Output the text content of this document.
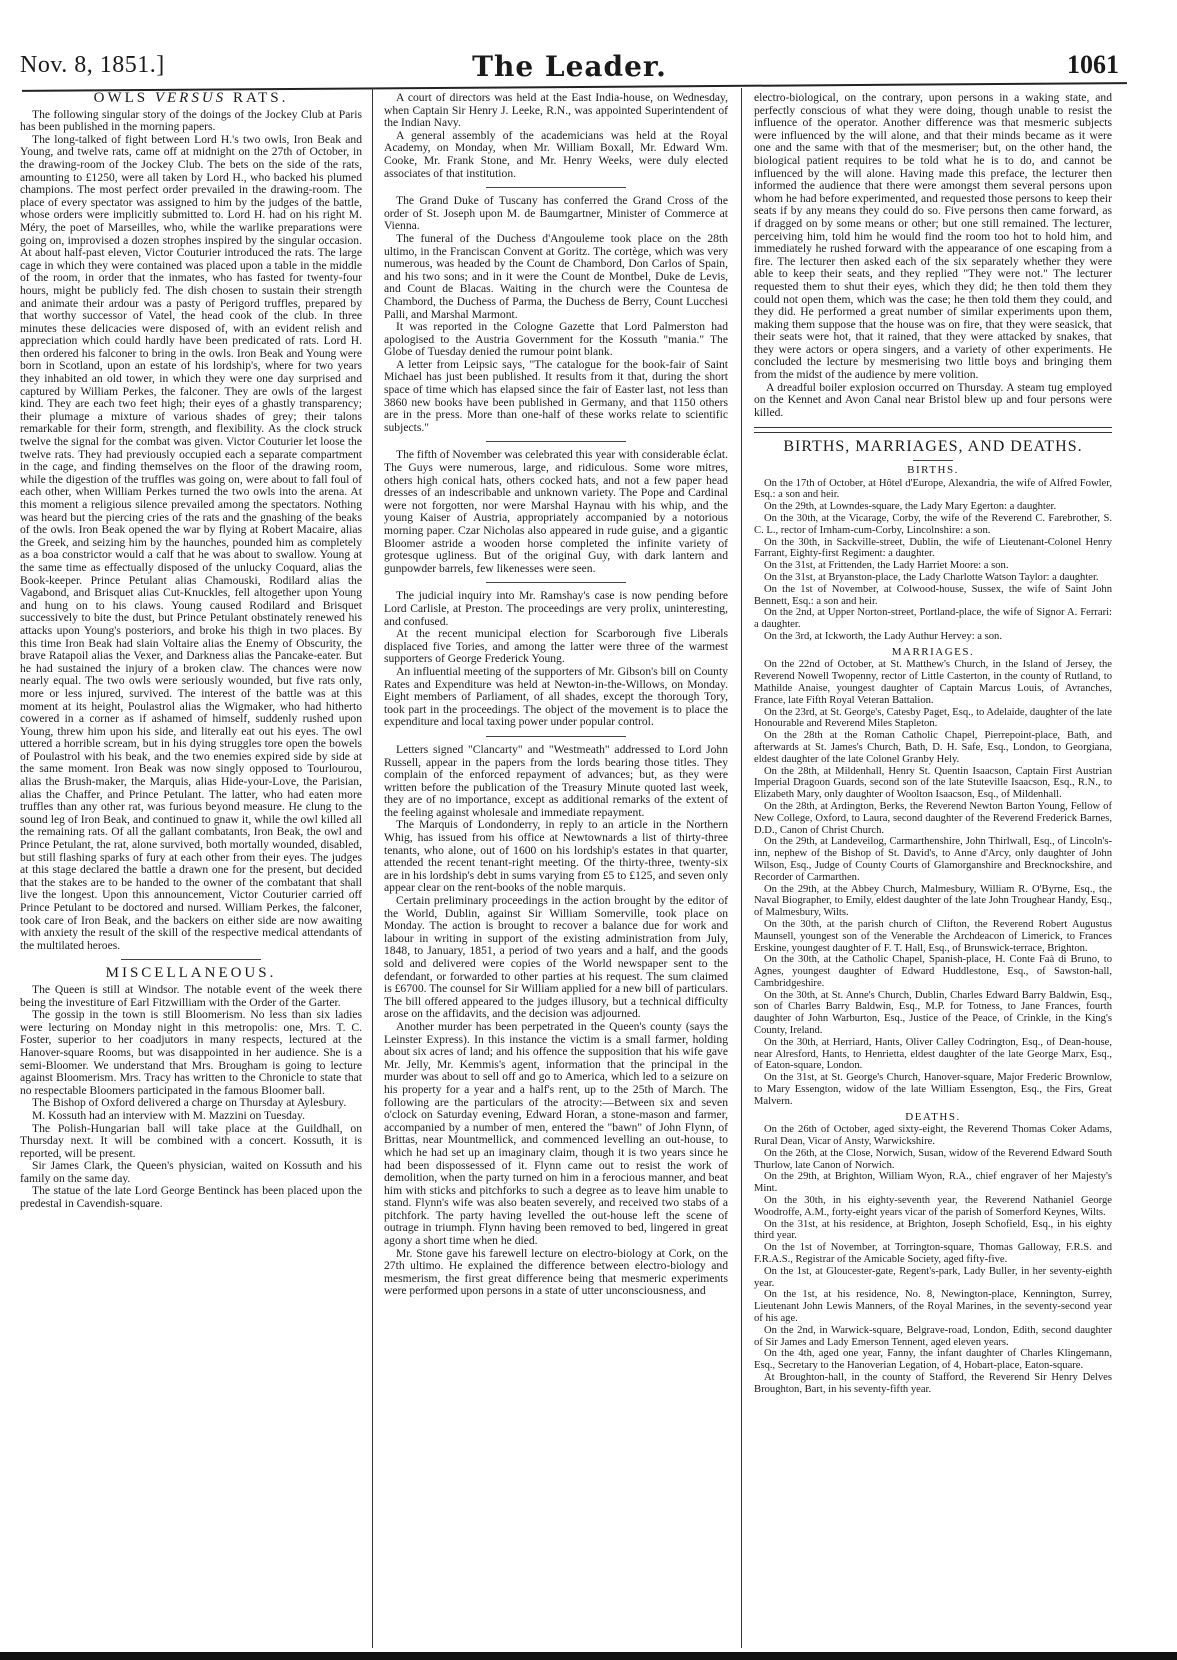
Nov. 8, 1851.]	The Leader.	1061
OWLS VERSUS RATS.

The following singular story of the doings of the Jockey Club at Paris has been published in the morning papers.

The long-talked of fight between Lord H.'s two owls, Iron Beak and Young, and twelve rats, came off at midnight on the 27th of October, in the drawing-room of the Jockey Club. The bets on the side of the rats, amounting to £1250, were all taken by Lord H., who backed his plumed champions. The most perfect order prevailed in the drawing-room. The place of every spectator was assigned to him by the judges of the battle, whose orders were implicitly submitted to. Lord H. had on his right M. Méry, the poet of Marseilles, who, while the warlike preparations were going on, improvised a dozen strophes inspired by the singular occasion. At about half-past eleven, Victor Couturier introduced the rats. The large cage in which they were contained was placed upon a table in the middle of the room, in order that the inmates, who has fasted for twenty-four hours, might be publicly fed. The dish chosen to sustain their strength and animate their ardour was a pasty of Perigord truffles, prepared by that worthy successor of Vatel, the head cook of the club. In three minutes these delicacies were disposed of, with an evident relish and appreciation which could hardly have been predicated of rats. Lord H. then ordered his falconer to bring in the owls. Iron Beak and Young were born in Scotland, upon an estate of his lordship's, where for two years they inhabited an old tower, in which they were one day surprised and captured by William Perkes, the falconer. They are owls of the largest kind. They are each two feet high; their eyes of a ghastly transparency; their plumage a mixture of various shades of grey; their talons remarkable for their form, strength, and flexibility. As the clock struck twelve the signal for the combat was given. Victor Couturier let loose the twelve rats. They had previously occupied each a separate compartment in the cage, and finding themselves on the floor of the drawing room, while the digestion of the truffles was going on, were about to fall foul of each other, when William Perkes turned the two owls into the arena. At this moment a religious silence prevailed among the spectators. Nothing was heard but the piercing cries of the rats and the gnashing of the beaks of the owls. Iron Beak opened the war by flying at Robert Macaire, alias the Greek, and seizing him by the haunches, pounded him as completely as a boa constrictor would a calf that he was about to swallow. Young at the same time as effectually disposed of the unlucky Coquard, alias the Book-keeper. Prince Petulant alias Chamouski, Rodilard alias the Vagabond, and Brisquet alias Cut-Knuckles, fell altogether upon Young and hung on to his claws. Young caused Rodilard and Brisquet successively to bite the dust, but Prince Petulant obstinately renewed his attacks upon Young's posteriors, and broke his thigh in two places. By this time Iron Beak had slain Voltaire alias the Enemy of Obscurity, the brave Ratapoil alias the Vexer, and Darkness alias the Pancake-eater. But he had sustained the injury of a broken claw. The chances were now nearly equal. The two owls were seriously wounded, but five rats only, more or less injured, survived. The interest of the battle was at this moment at its height, Poulastrol alias the Wigmaker, who had hitherto cowered in a corner as if ashamed of himself, suddenly rushed upon Young, threw him upon his side, and literally eat out his eyes. The owl uttered a horrible scream, but in his dying struggles tore open the bowels of Poulastrol with his beak, and the two enemies expired side by side at the same moment. Iron Beak was now singly opposed to Tourlourou, alias the Brush-maker, the Marquis, alias Hide-your-Love, the Parisian, alias the Chaffer, and Prince Petulant. The latter, who had eaten more truffles than any other rat, was furious beyond measure. He clung to the sound leg of Iron Beak, and continued to gnaw it, while the owl killed all the remaining rats. Of all the gallant combatants, Iron Beak, the owl and Prince Petulant, the rat, alone survived, both mortally wounded, disabled, but still flashing sparks of fury at each other from their eyes. The judges at this stage declared the battle a drawn one for the present, but decided that the stakes are to be handed to the owner of the combatant that shall live the longest. Upon this announcement, Victor Couturier carried off Prince Petulant to be doctored and nursed. William Perkes, the falconer, took care of Iron Beak, and the backers on either side are now awaiting with anxiety the result of the skill of the respective medical attendants of the multilated heroes.

MISCELLANEOUS.

The Queen is still at Windsor. The notable event of the week there being the investiture of Earl Fitzwilliam with the Order of the Garter.

The gossip in the town is still Bloomerism. No less than six ladies were lecturing on Monday night in this metropolis: one, Mrs. T. C. Foster, superior to her coadjutors in many respects, lectured at the Hanover-square Rooms, but was disappointed in her audience. She is a semi-Bloomer. We understand that Mrs. Brougham is going to lecture against Bloomerism. Mrs. Tracy has written to the Chronicle to state that no respectable Bloomers participated in the famous Bloomer ball.

The Bishop of Oxford delivered a charge on Thursday at Aylesbury.

M. Kossuth had an interview with M. Mazzini on Tuesday.

The Polish-Hungarian ball will take place at the Guildhall, on Thursday next. It will be combined with a concert. Kossuth, it is reported, will be present.

Sir James Clark, the Queen's physician, waited on Kossuth and his family on the same day.

The statue of the late Lord George Bentinck has been placed upon the predestal in Cavendish-square.

A court of directors was held at the East India-house, on Wednesday, when Captain Sir Henry J. Leeke, R.N., was appointed Superintendent of the Indian Navy.

A general assembly of the academicians was held at the Royal Academy, on Monday, when Mr. William Boxall, Mr. Edward Wm. Cooke, Mr. Frank Stone, and Mr. Henry Weeks, were duly elected associates of that institution.

The Grand Duke of Tuscany has conferred the Grand Cross of the order of St. Joseph upon M. de Baumgartner, Minister of Commerce at Vienna.

The funeral of the Duchess d'Angouleme took place on the 28th ultimo, in the Franciscan Convent at Goritz. The cortège, which was very numerous, was headed by the Count de Chambord, Don Carlos of Spain, and his two sons; and in it were the Count de Montbel, Duke de Levis, and Count de Blacas. Waiting in the church were the Countesa de Chambord, the Duchess of Parma, the Duchess de Berry, Count Lucchesi Palli, and Marshal Marmont.

It was reported in the Cologne Gazette that Lord Palmerston had apologised to the Austria Government for the Kossuth "mania." The Globe of Tuesday denied the rumour point blank.

A letter from Leipsic says, "The catalogue for the book-fair of Saint Michael has just been published. It results from it that, during the short space of time which has elapsed since the fair of Easter last, not less than 3860 new books have been published in Germany, and that 1150 others are in the press. More than one-half of these works relate to scientific subjects."

The fifth of November was celebrated this year with considerable éclat. The Guys were numerous, large, and ridiculous. Some wore mitres, others high conical hats, others cocked hats, and not a few paper head dresses of an indescribable and unknown variety. The Pope and Cardinal were not forgotten, nor were Marshal Haynau with his whip, and the young Kaiser of Austria, appropriately accompanied by a notorious morning paper. Czar Nicholas also appeared in rude guise, and a gigantic Bloomer astride a wooden horse completed the infinite variety of grotesque ugliness. But of the original Guy, with dark lantern and gunpowder barrels, few likenesses were seen.

The judicial inquiry into Mr. Ramshay's case is now pending before Lord Carlisle, at Preston. The proceedings are very prolix, uninteresting, and confused.

At the recent municipal election for Scarborough five Liberals displaced five Tories, and among the latter were three of the warmest supporters of George Frederick Young.

An influential meeting of the supporters of Mr. Gibson's bill on County Rates and Expenditure was held at Newton-in-the-Willows, on Monday. Eight members of Parliament, of all shades, except the thorough Tory, took part in the proceedings. The object of the movement is to place the expenditure and local taxing power under popular control.

Letters signed "Clancarty" and "Westmeath" addressed to Lord John Russell, appear in the papers from the lords bearing those titles. They complain of the enforced repayment of advances; but, as they were written before the publication of the Treasury Minute quoted last week, they are of no importance, except as additional remarks of the extent of the feeling against wholesale and immediate repayment.

The Marquis of Londonderry, in reply to an article in the Northern Whig, has issued from his office at Newtownards a list of thirty-three tenants, who alone, out of 1600 on his lordship's estates in that quarter, attended the recent tenant-right meeting. Of the thirty-three, twenty-six are in his lordship's debt in sums varying from £5 to £125, and seven only appear clear on the rent-books of the noble marquis.

Certain preliminary proceedings in the action brought by the editor of the World, Dublin, against Sir William Somerville, took place on Monday. The action is brought to recover a balance due for work and labour in writing in support of the existing administration from July, 1848, to January, 1851, a period of two years and a half, and the goods sold and delivered were copies of the World newspaper sent to the defendant, or forwarded to other parties at his request. The sum claimed is £6700. The counsel for Sir William applied for a new bill of particulars. The bill offered appeared to the judges illusory, but a technical difficulty arose on the affidavits, and the decision was adjourned.

Another murder has been perpetrated in the Queen's county (says the Leinster Express). In this instance the victim is a small farmer, holding about six acres of land; and his offence the supposition that his wife gave Mr. Jelly, Mr. Kemmis's agent, information that the principal in the murder was about to sell off and go to America, which led to a seizure on his property for a year and a half's rent, up to the 25th of March. The following are the particulars of the atrocity:—Between six and seven o'clock on Saturday evening, Edward Horan, a stone-mason and farmer, accompanied by a number of men, entered the "bawn" of John Flynn, of Brittas, near Mountmellick, and commenced levelling an out-house, to which he had set up an imaginary claim, though it is two years since he had been dispossessed of it. Flynn came out to resist the work of demolition, when the party turned on him in a ferocious manner, and beat him with sticks and pitchforks to such a degree as to leave him unable to stand. Flynn's wife was also beaten severely, and received two stabs of a pitchfork. The party having levelled the out-house left the scene of outrage in triumph. Flynn having been removed to bed, lingered in great agony a short time when he died.

Mr. Stone gave his farewell lecture on electro-biology at Cork, on the 27th ultimo. He explained the difference between electro-biology and mesmerism, the first great difference being that mesmeric experiments were performed upon persons in a state of utter unconsciousness, and

electro-biological, on the contrary, upon persons in a waking state, and perfectly conscious of what they were doing, though unable to resist the influence of the operator. Another difference was that mesmeric subjects were influenced by the will alone, and that their minds became as it were one and the same with that of the mesmeriser; but, on the other hand, the biological patient requires to be told what he is to do, and cannot be influenced by the will alone. Having made this preface, the lecturer then informed the audience that there were amongst them several persons upon whom he had before experimented, and requested those persons to keep their seats if by any means they could do so. Five persons then came forward, as if dragged on by some means or other; but one still remained. The lecturer, perceiving him, told him he would find the room too hot to hold him, and immediately he rushed forward with the appearance of one escaping from a fire. The lecturer then asked each of the six separately whether they were able to keep their seats, and they replied "They were not." The lecturer requested them to shut their eyes, which they did; he then told them they could not open them, which was the case; he then told them they could, and they did. He performed a great number of similar experiments upon them, making them suppose that the house was on fire, that they were seasick, that their seats were hot, that it rained, that they were attacked by snakes, that they were actors or opera singers, and a variety of other experiments. He concluded the lecture by mesmerising two little boys and bringing them from the midst of the audience by mere volition.

A dreadful boiler explosion occurred on Thursday. A steam tug employed on the Kennet and Avon Canal near Bristol blew up and four persons were killed.

BIRTHS, MARRIAGES, AND DEATHS.
BIRTHS.

On the 17th of October, at Hôtel d'Europe, Alexandria, the wife of Alfred Fowler, Esq.: a son and heir.

On the 29th, at Lowndes-square, the Lady Mary Egerton: a daughter.

On the 30th, at the Vicarage, Corby, the wife of the Reverend C. Farebrother, S. C. L., rector of Irnham-cum-Corby, Lincolnshire: a son.

On the 30th, in Sackville-street, Dublin, the wife of Lieutenant-Colonel Henry Farrant, Eighty-first Regiment: a daughter.

On the 31st, at Frittenden, the Lady Harriet Moore: a son.

On the 31st, at Bryanston-place, the Lady Charlotte Watson Taylor: a daughter.

On the 1st of November, at Colwood-house, Sussex, the wife of Saint John Bennett, Esq.: a son and heir.

On the 2nd, at Upper Norton-street, Portland-place, the wife of Signor A. Ferrari: a daughter.

On the 3rd, at Ickworth, the Lady Authur Hervey: a son.

MARRIAGES.

On the 22nd of October, at St. Matthew's Church, in the Island of Jersey, the Reverend Nowell Twopenny, rector of Little Casterton, in the county of Rutland, to Mathilde Anaise, youngest daughter of Captain Marcus Louis, of Avranches, France, late Fifth Royal Veteran Battalion.

On the 23rd, at St. George's, Catesby Paget, Esq., to Adelaide, daughter of the late Honourable and Reverend Miles Stapleton.

On the 28th at the Roman Catholic Chapel, Pierrepoint-place, Bath, and afterwards at St. James's Church, Bath, D. H. Safe, Esq., London, to Georgiana, eldest daughter of the late Colonel Granby Hely.

On the 28th, at Mildenhall, Henry St. Quentin Isaacson, Captain First Austrian Imperial Dragoon Guards, second son of the late Stuteville Isaacson, Esq., R.N., to Elizabeth Mary, only daughter of Woolton Isaacson, Esq., of Mildenhall.

On the 28th, at Ardington, Berks, the Reverend Newton Barton Young, Fellow of New College, Oxford, to Laura, second daughter of the Reverend Frederick Barnes, D.D., Canon of Christ Church.

On the 29th, at Landeveilog, Carmarthenshire, John Thirlwall, Esq., of Lincoln's-inn, nephew of the Bishop of St. David's, to Anne d'Arcy, only daughter of John Wilson, Esq., Judge of County Courts of Glamorganshire and Brecknockshire, and Recorder of Carmarthen.

On the 29th, at the Abbey Church, Malmesbury, William R. O'Byrne, Esq., the Naval Biographer, to Emily, eldest daughter of the late John Troughear Handy, Esq., of Malmesbury, Wilts.

On the 30th, at the parish church of Clifton, the Reverend Robert Augustus Maunsell, youngest son of the Venerable the Archdeacon of Limerick, to Frances Erskine, youngest daughter of F. T. Hall, Esq., of Brunswick-terrace, Brighton.

On the 30th, at the Catholic Chapel, Spanish-place, H. Conte Faà di Bruno, to Agnes, youngest daughter of Edward Huddlestone, Esq., of Sawston-hall, Cambridgeshire.

On the 30th, at St. Anne's Church, Dublin, Charles Edward Barry Baldwin, Esq., son of Charles Barry Baldwin, Esq., M.P. for Totness, to Jane Frances, fourth daughter of John Warburton, Esq., Justice of the Peace, of Crinkle, in the King's County, Ireland.

On the 30th, at Herriard, Hants, Oliver Calley Codrington, Esq., of Dean-house, near Alresford, Hants, to Henrietta, eldest daughter of the late George Marx, Esq., of Eaton-square, London.

On the 31st, at St. George's Church, Hanover-square, Major Frederic Brownlow, to Mary Essengton, widow of the late William Essengton, Esq., the Firs, Great Malvern.

DEATHS.

On the 26th of October, aged sixty-eight, the Reverend Thomas Coker Adams, Rural Dean, Vicar of Ansty, Warwickshire.

On the 26th, at the Close, Norwich, Susan, widow of the Reverend Edward South Thurlow, late Canon of Norwich.

On the 29th, at Brighton, William Wyon, R.A., chief engraver of her Majesty's Mint.

On the 30th, in his eighty-seventh year, the Reverend Nathaniel George Woodroffe, A.M., forty-eight years vicar of the parish of Somerford Keynes, Wilts.

On the 31st, at his residence, at Brighton, Joseph Schofield, Esq., in his eighty third year.

On the 1st of November, at Torrington-square, Thomas Galloway, F.R.S. and F.R.A.S., Registrar of the Amicable Society, aged fifty-five.

On the 1st, at Gloucester-gate, Regent's-park, Lady Buller, in her seventy-eighth year.

On the 1st, at his residence, No. 8, Newington-place, Kennington, Surrey, Lieutenant John Lewis Manners, of the Royal Marines, in the seventy-second year of his age.

On the 2nd, in Warwick-square, Belgrave-road, London, Edith, second daughter of Sir James and Lady Emerson Tennent, aged eleven years.

On the 4th, aged one year, Fanny, the infant daughter of Charles Klingemann, Esq., Secretary to the Hanoverian Legation, of 4, Hobart-place, Eaton-square.

At Broughton-hall, in the county of Stafford, the Reverend Sir Henry Delves Broughton, Bart, in his seventy-fifth year.
